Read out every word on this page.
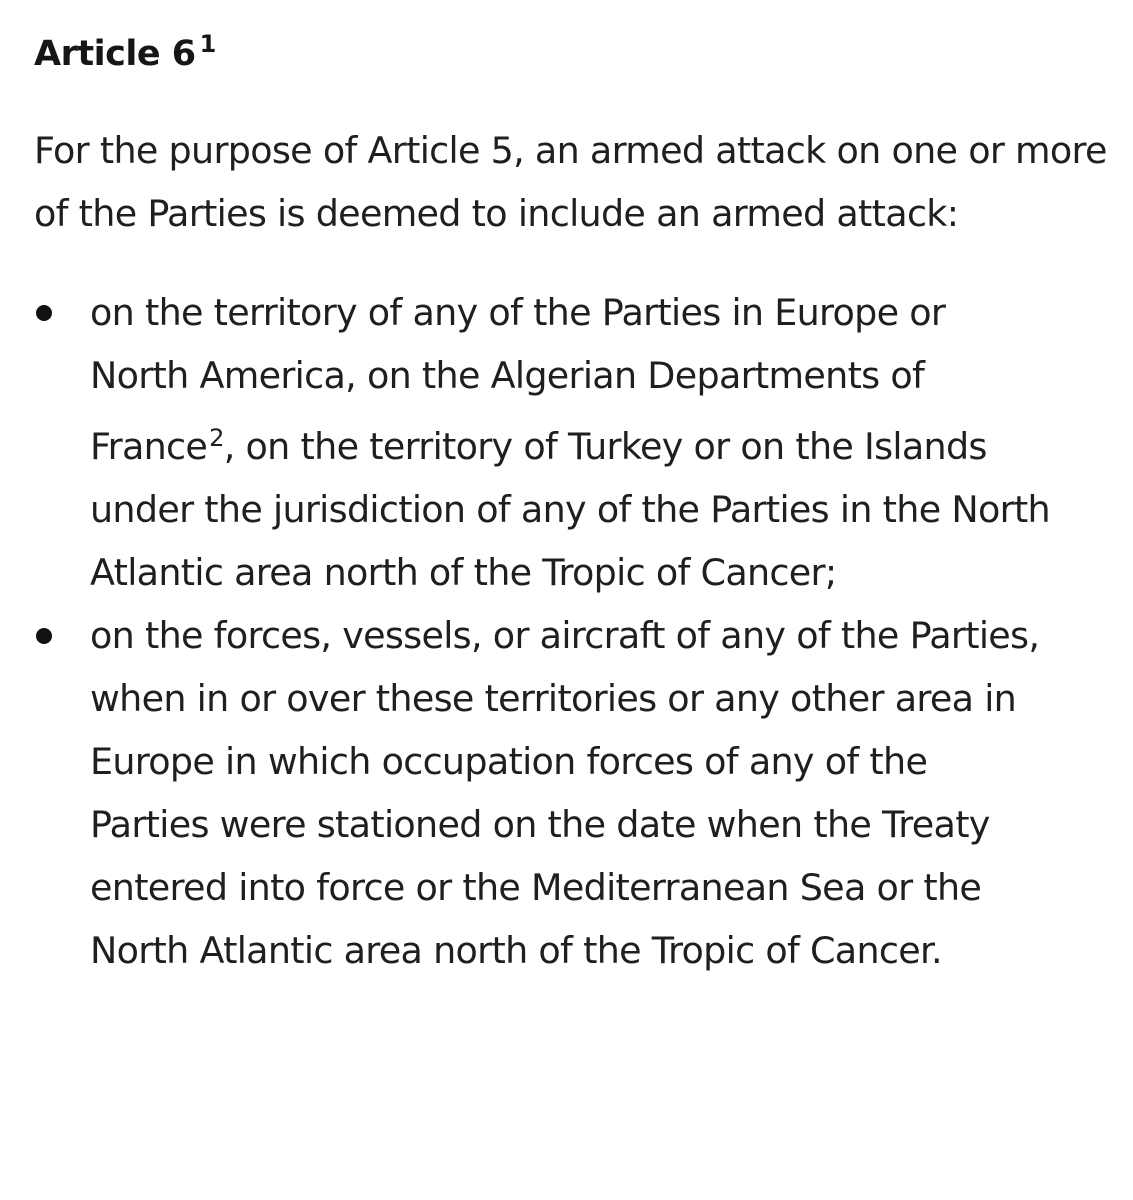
Article 6 $^1$

For the purpose of Article 5, an armed attack on one or more of the Parties is deemed to include an armed attack:

on the territory of any of the Parties in Europe or North America, on the Algerian Departments of France$^2$, on the territory of Turkey or on the Islands under the jurisdiction of any of the Parties in the North Atlantic area north of the Tropic of Cancer;
on the forces, vessels, or aircraft of any of the Parties, when in or over these territories or any other area in Europe in which occupation forces of any of the Parties were stationed on the date when the Treaty entered into force or the Mediterranean Sea or the North Atlantic area north of the Tropic of Cancer.
